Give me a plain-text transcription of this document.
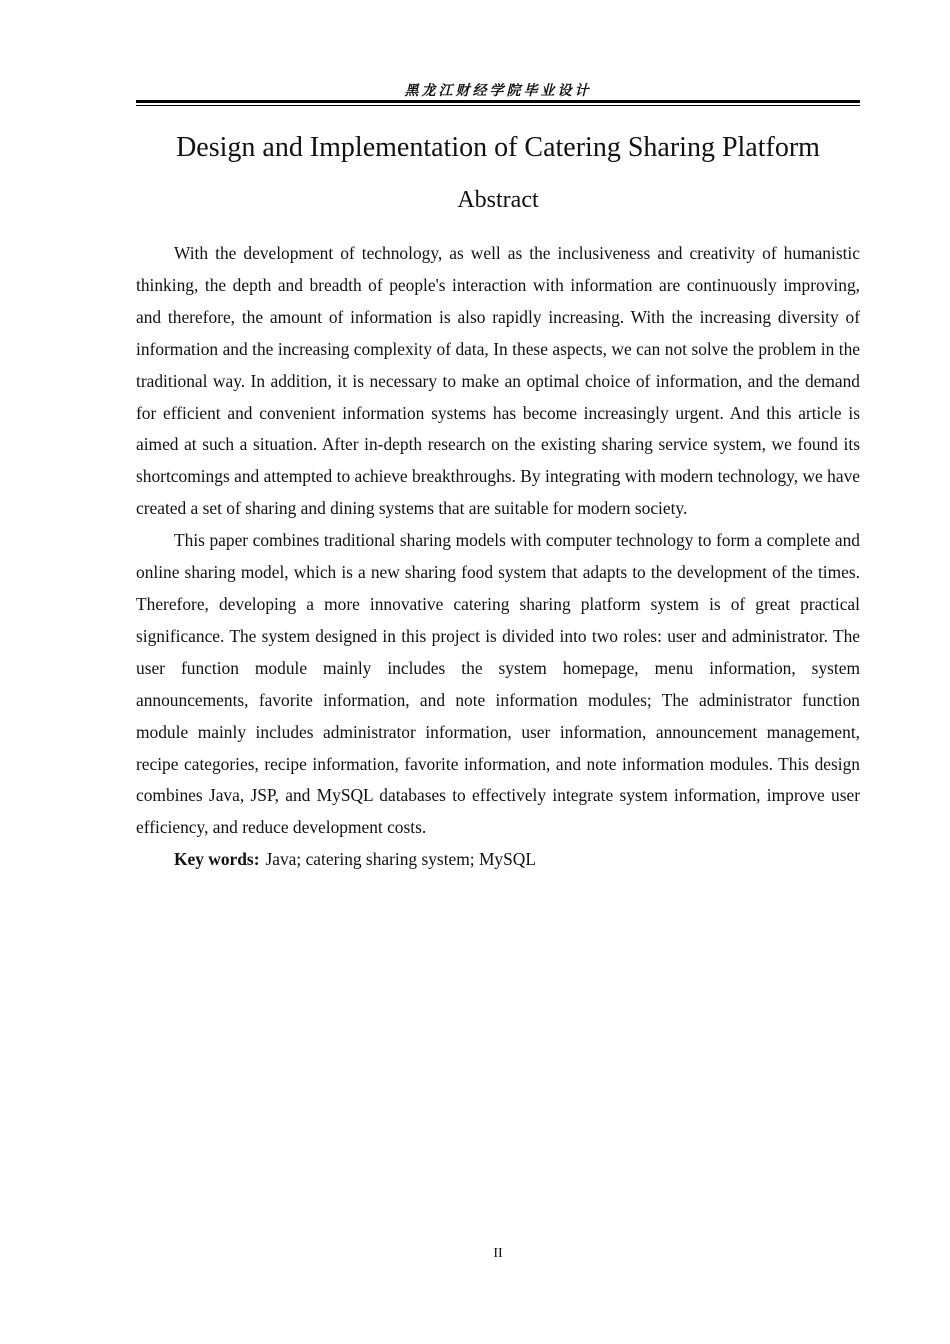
黑龙江财经学院毕业设计
Design and Implementation of Catering Sharing Platform
Abstract

With the development of technology, as well as the inclusiveness and creativity of humanistic thinking, the depth and breadth of people's interaction with information are continuously improving, and therefore, the amount of information is also rapidly increasing. With the increasing diversity of information and the increasing complexity of data, In these aspects, we can not solve the problem in the traditional way. In addition, it is necessary to make an optimal choice of information, and the demand for efficient and convenient information systems has become increasingly urgent. And this article is aimed at such a situation. After in-depth research on the existing sharing service system, we found its shortcomings and attempted to achieve breakthroughs. By integrating with modern technology, we have created a set of sharing and dining systems that are suitable for modern society.

This paper combines traditional sharing models with computer technology to form a complete and online sharing model, which is a new sharing food system that adapts to the development of the times. Therefore, developing a more innovative catering sharing platform system is of great practical significance. The system designed in this project is divided into two roles: user and administrator. The user function module mainly includes the system homepage, menu information, system announcements, favorite information, and note information modules; The administrator function module mainly includes administrator information, user information, announcement management, recipe categories, recipe information, favorite information, and note information modules. This design combines Java, JSP, and MySQL databases to effectively integrate system information, improve user efficiency, and reduce development costs.

Key words: Java; catering sharing system; MySQL

II
